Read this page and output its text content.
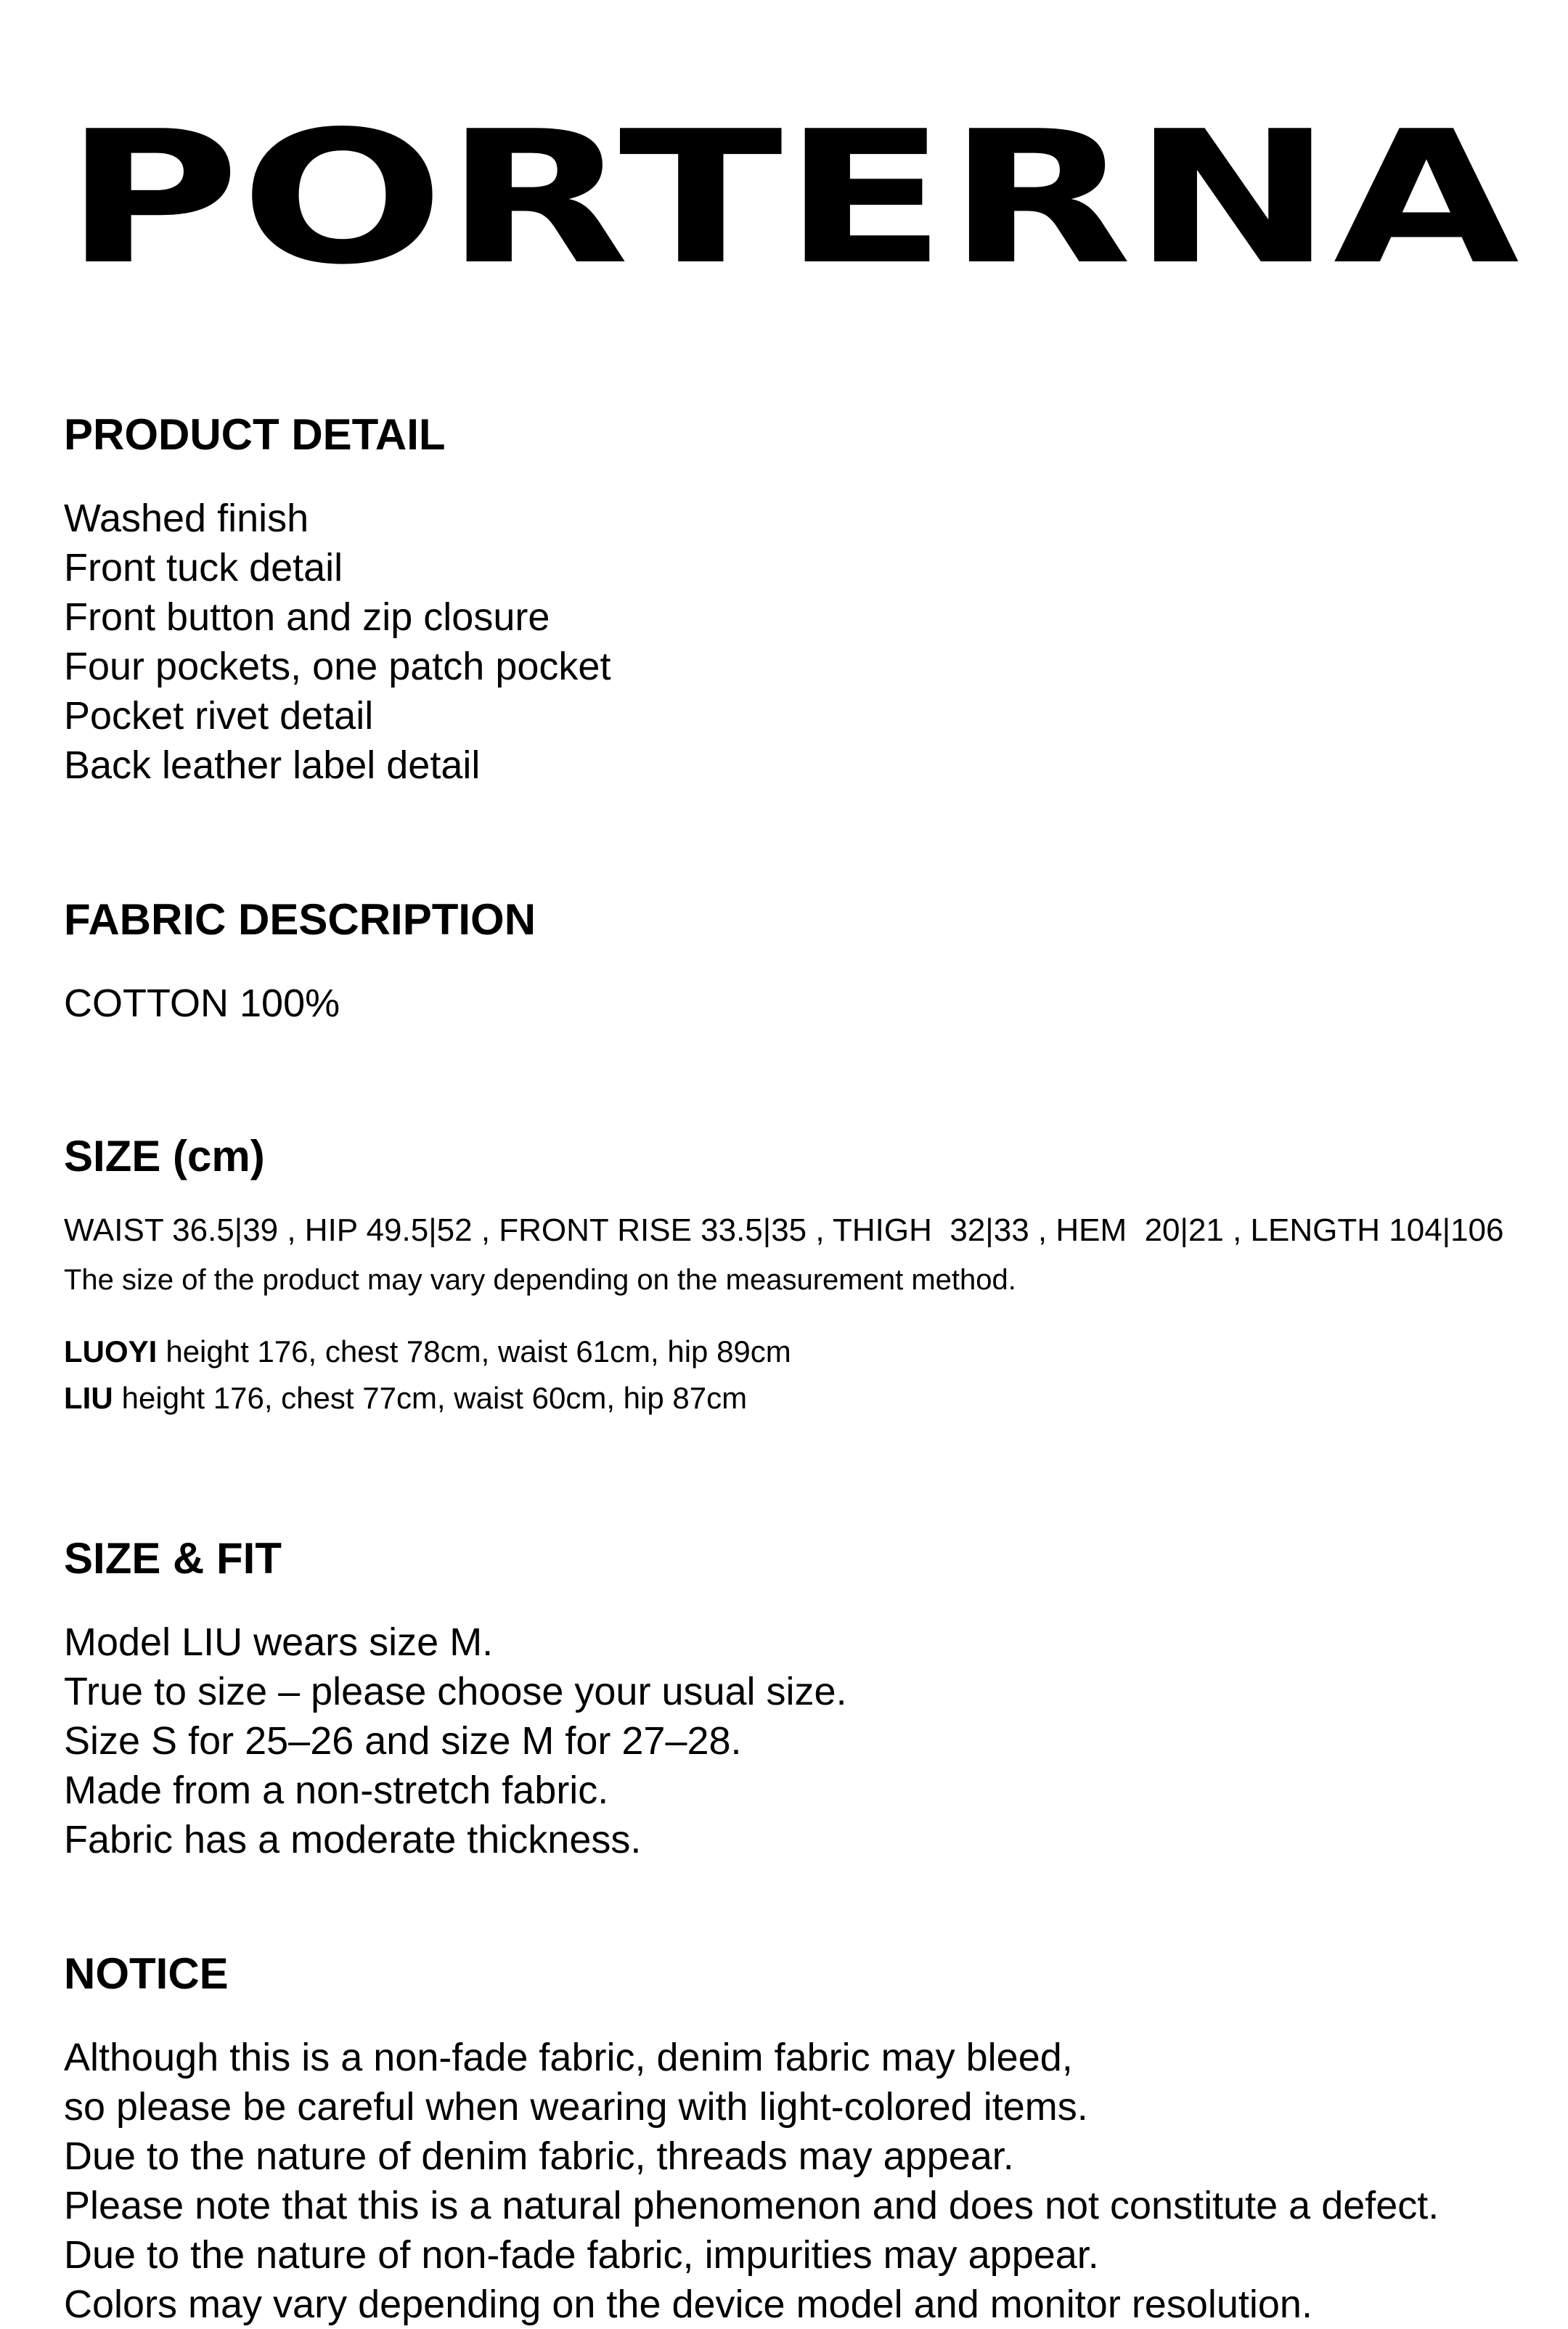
PORTERNA
PRODUCT DETAIL

Washed finish

Front tuck detail

Front button and zip closure

Four pockets, one patch pocket

Pocket rivet detail

Back leather label detail

FABRIC DESCRIPTION

COTTON 100%

SIZE (cm)

WAIST 36.5|39 , HIP 49.5|52 , FRONT RISE 33.5|35 , THIGH  32|33 , HEM  20|21 , LENGTH 104|106

The size of the product may vary depending on the measurement method.

LUOYI height 176, chest 78cm, waist 61cm, hip 89cm

LIU height 176, chest 77cm, waist 60cm, hip 87cm

SIZE & FIT

Model LIU wears size M.

True to size – please choose your usual size.

Size S for 25–26 and size M for 27–28.

Made from a non-stretch fabric.

Fabric has a moderate thickness.

NOTICE

Although this is a non-fade fabric, denim fabric may bleed,

so please be careful when wearing with light-colored items.

Due to the nature of denim fabric, threads may appear.

Please note that this is a natural phenomenon and does not constitute a defect.

Due to the nature of non-fade fabric, impurities may appear.

Colors may vary depending on the device model and monitor resolution.
